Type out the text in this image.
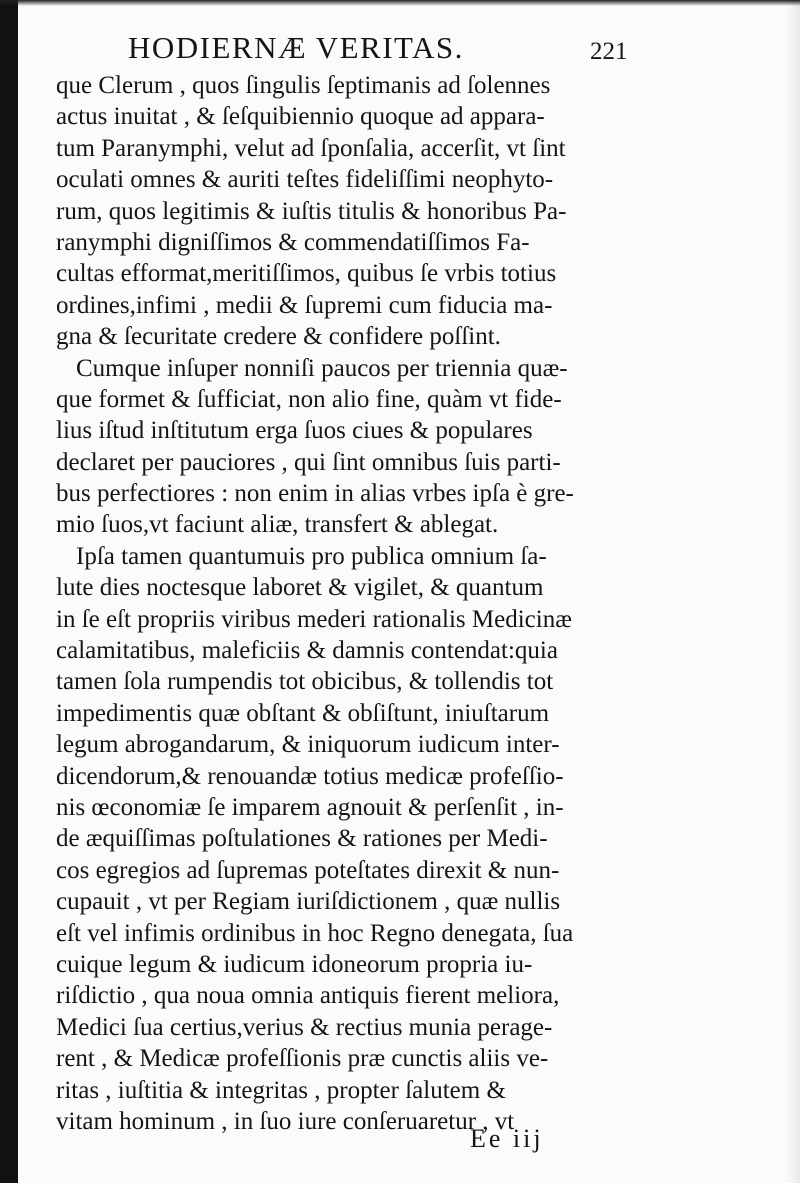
HODIERNÆ VERITAS.	221
que Clerum , quos ſingulis ſeptimanis ad ſolennes
actus inuitat , & ſeſquibiennio quoque ad appara-
tum Paranymphi, velut ad ſponſalia, accerſit, vt ſint
oculati omnes & auriti teſtes fideliſſimi neophyto-
rum, quos legitimis & iuſtis titulis & honoribus Pa-
ranymphi digniſſimos & commendatiſſimos Fa-
cultas efformat,meritiſſimos, quibus ſe vrbis totius
ordines,infimi , medii & ſupremi cum fiducia ma-
gna & ſecuritate credere & confidere poſſint.
Cumque inſuper nonniſi paucos per triennia quæ-
que formet & ſufficiat, non alio fine, quàm vt fide-
lius iſtud inſtitutum erga ſuos ciues & populares
declaret per pauciores , qui ſint omnibus ſuis parti-
bus perfectiores : non enim in alias vrbes ipſa è gre-
mio ſuos,vt faciunt aliæ, transfert & ablegat.
Ipſa tamen quantumuis pro publica omnium ſa-
lute dies noctesque laboret & vigilet, & quantum
in ſe eſt propriis viribus mederi rationalis Medicinæ
calamitatibus, maleficiis & damnis contendat:quia
tamen ſola rumpendis tot obicibus, & tollendis tot
impedimentis quæ obſtant & obſiſtunt, iniuſtarum
legum abrogandarum, & iniquorum iudicum inter-
dicendorum,& renouandæ totius medicæ profeſſio-
nis œconomiæ ſe imparem agnouit & perſenſit , in-
de æquiſſimas poſtulationes & rationes per Medi-
cos egregios ad ſupremas poteſtates direxit & nun-
cupauit , vt per Regiam iuriſdictionem , quæ nullis
eſt vel infimis ordinibus in hoc Regno denegata, ſua
cuique legum & iudicum idoneorum propria iu-
riſdictio , qua noua omnia antiquis fierent meliora,
Medici ſua certius,verius & rectius munia perage-
rent , & Medicæ profeſſionis præ cunctis aliis ve-
ritas , iuſtitia & integritas , propter ſalutem &
vitam hominum , in ſuo iure conſeruaretur , vt
Ee iij
